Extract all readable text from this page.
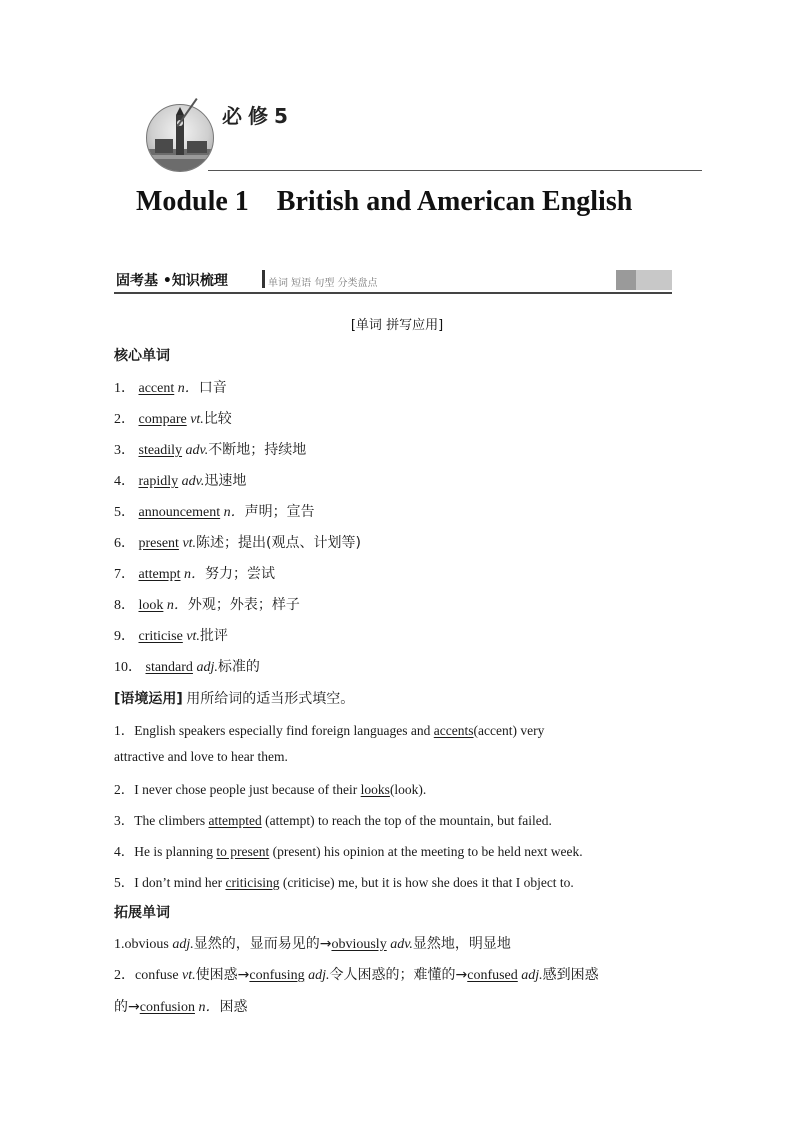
必修5
Module 1    British and American English
固考基 •知识梳理	单词 短语 句型 分类盘点
[单词 拼写应用]
核心单词
1． accent n．口音
2． compare vt.比较
3． steadily adv.不断地；持续地
4． rapidly adv.迅速地
5． announcement n．声明；宣告
6． present vt.陈述；提出(观点、计划等)
7． attempt n．努力；尝试
8． look n．外观；外表；样子
9． criticise vt.批评
10． standard adj.标准的
[语境运用] 用所给词的适当形式填空。
1．English speakers especially find foreign languages and accents(accent) very
attractive and love to hear them.
2．I never chose people just because of their looks(look).
3．The climbers attempted (attempt) to reach the top of the mountain, but failed.
4．He is planning to present (present) his opinion at the meeting to be held next week.
5．I don’t mind her criticising (criticise) me, but it is how she does it that I object to.
拓展单词
1.obvious adj.显然的，显而易见的→obviously adv.显然地，明显地
2．confuse vt.使困惑→confusing adj.令人困惑的；难懂的→confused adj.感到困惑
的→confusion n．困惑
